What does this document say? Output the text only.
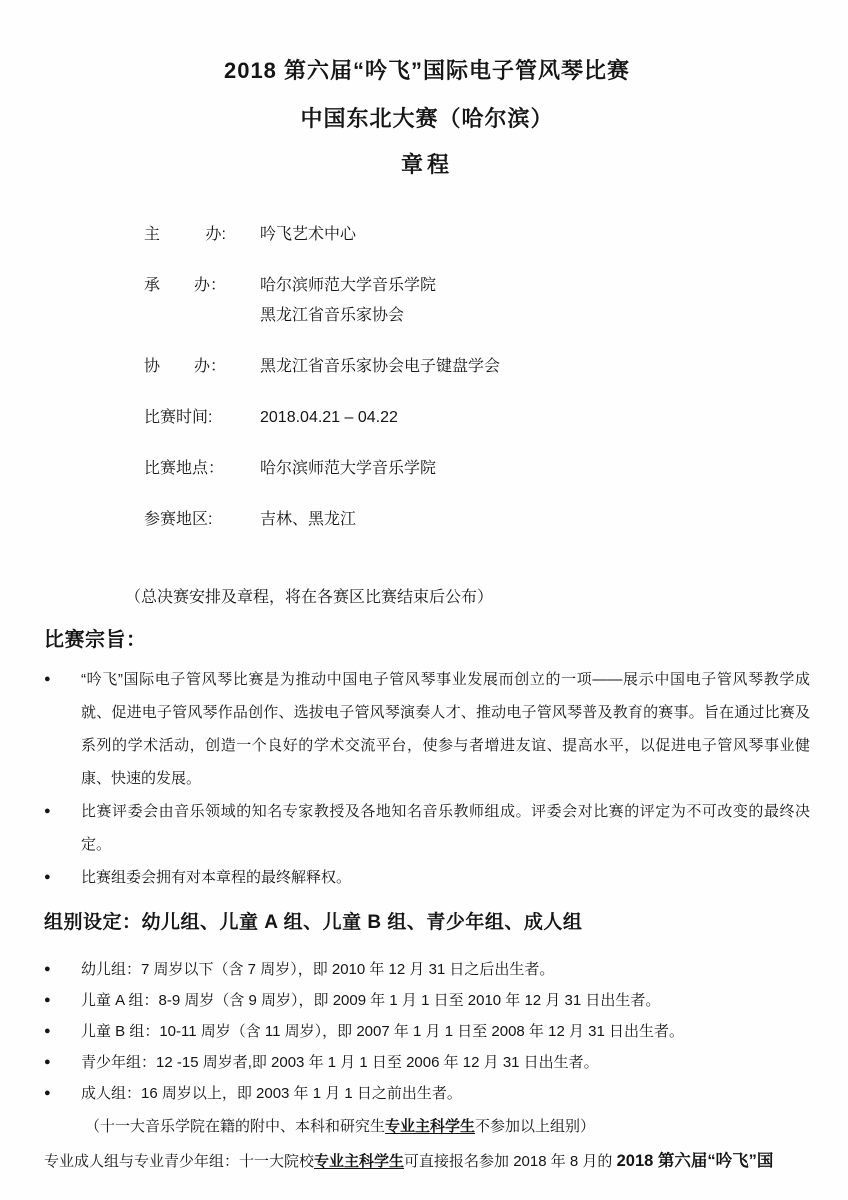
2018 第六届“吟飞”国际电子管风琴比赛
中国东北大赛（哈尔滨）
章程
主	办: 吟飞艺术中心
承 办： 哈尔滨师范大学音乐学院
黑龙江省音乐家协会
协 办： 黑龙江省音乐家协会电子键盘学会
比赛时间:	2018.04.21 – 04.22
比赛地点： 哈尔滨师范大学音乐学院
参赛地区:	吉林、黑龙江

（总决赛安排及章程，将在各赛区比赛结束后公布）

比赛宗旨：
●	“吟飞”国际电子管风琴比赛是为推动中国电子管风琴事业发展而创立的一项——展示中国电子管风琴教学成就、促进电子管风琴作品创作、选拔电子管风琴演奏人才、推动电子管风琴普及教育的赛事。旨在通过比赛及系列的学术活动，创造一个良好的学术交流平台，使参与者增进友谊、提高水平，以促进电子管风琴事业健康、快速的发展。
●	比赛评委会由音乐领域的知名专家教授及各地知名音乐教师组成。评委会对比赛的评定为不可改变的最终决定。
●	比赛组委会拥有对本章程的最终解释权。
组别设定：幼儿组、儿童 A 组、儿童 B 组、青少年组、成人组
●	幼儿组：7 周岁以下（含 7 周岁），即 2010 年 12 月 31 日之后出生者。
●	儿童 A 组：8-9 周岁（含 9 周岁），即 2009 年 1 月 1 日至 2010 年 12 月 31 日出生者。
●	儿童 B 组：10-11 周岁（含 11 周岁），即 2007 年 1 月 1 日至 2008 年 12 月 31 日出生者。
●	青少年组：12 -15 周岁者,即 2003 年 1 月 1 日至 2006 年 12 月 31 日出生者。
●	成人组：16 周岁以上，即 2003 年 1 月 1 日之前出生者。

（十一大音乐学院在籍的附中、本科和研究生专业主科学生不参加以上组别）

专业成人组与专业青少年组：十一大院校专业主科学生可直接报名参加 2018 年 8 月的 2018 第六届“吟飞”国
